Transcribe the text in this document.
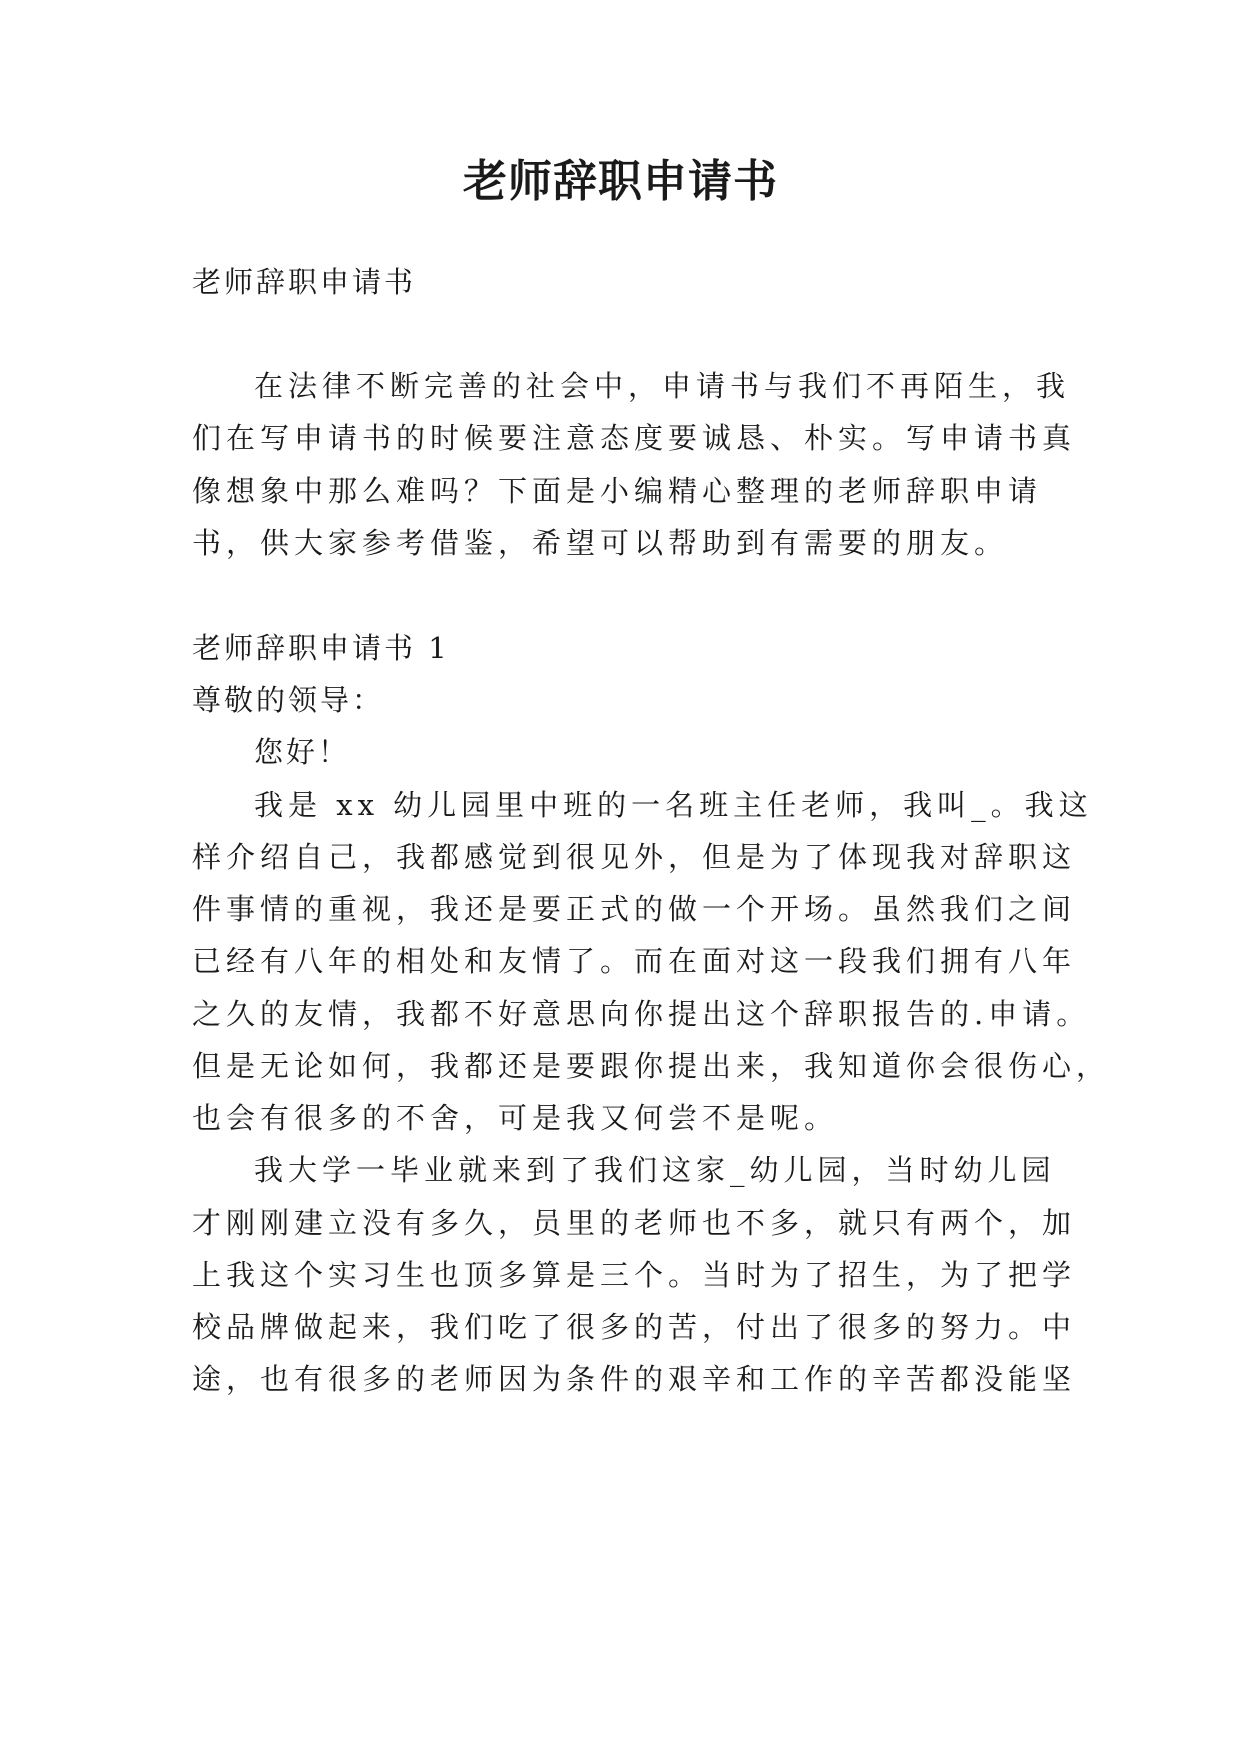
老师辞职申请书
老师辞职申请书
在法律不断完善的社会中，申请书与我们不再陌生，我
们在写申请书的时候要注意态度要诚恳、朴实。写申请书真
像想象中那么难吗？下面是小编精心整理的老师辞职申请
书，供大家参考借鉴，希望可以帮助到有需要的朋友。
老师辞职申请书 1
尊敬的领导：
您好！
我是 xx 幼儿园里中班的一名班主任老师，我叫_。我这
样介绍自己，我都感觉到很见外，但是为了体现我对辞职这
件事情的重视，我还是要正式的做一个开场。虽然我们之间
已经有八年的相处和友情了。而在面对这一段我们拥有八年
之久的友情，我都不好意思向你提出这个辞职报告的.申请。
但是无论如何，我都还是要跟你提出来，我知道你会很伤心，
也会有很多的不舍，可是我又何尝不是呢。
我大学一毕业就来到了我们这家_幼儿园，当时幼儿园
才刚刚建立没有多久，员里的老师也不多，就只有两个，加
上我这个实习生也顶多算是三个。当时为了招生，为了把学
校品牌做起来，我们吃了很多的苦，付出了很多的努力。中
途，也有很多的老师因为条件的艰辛和工作的辛苦都没能坚
